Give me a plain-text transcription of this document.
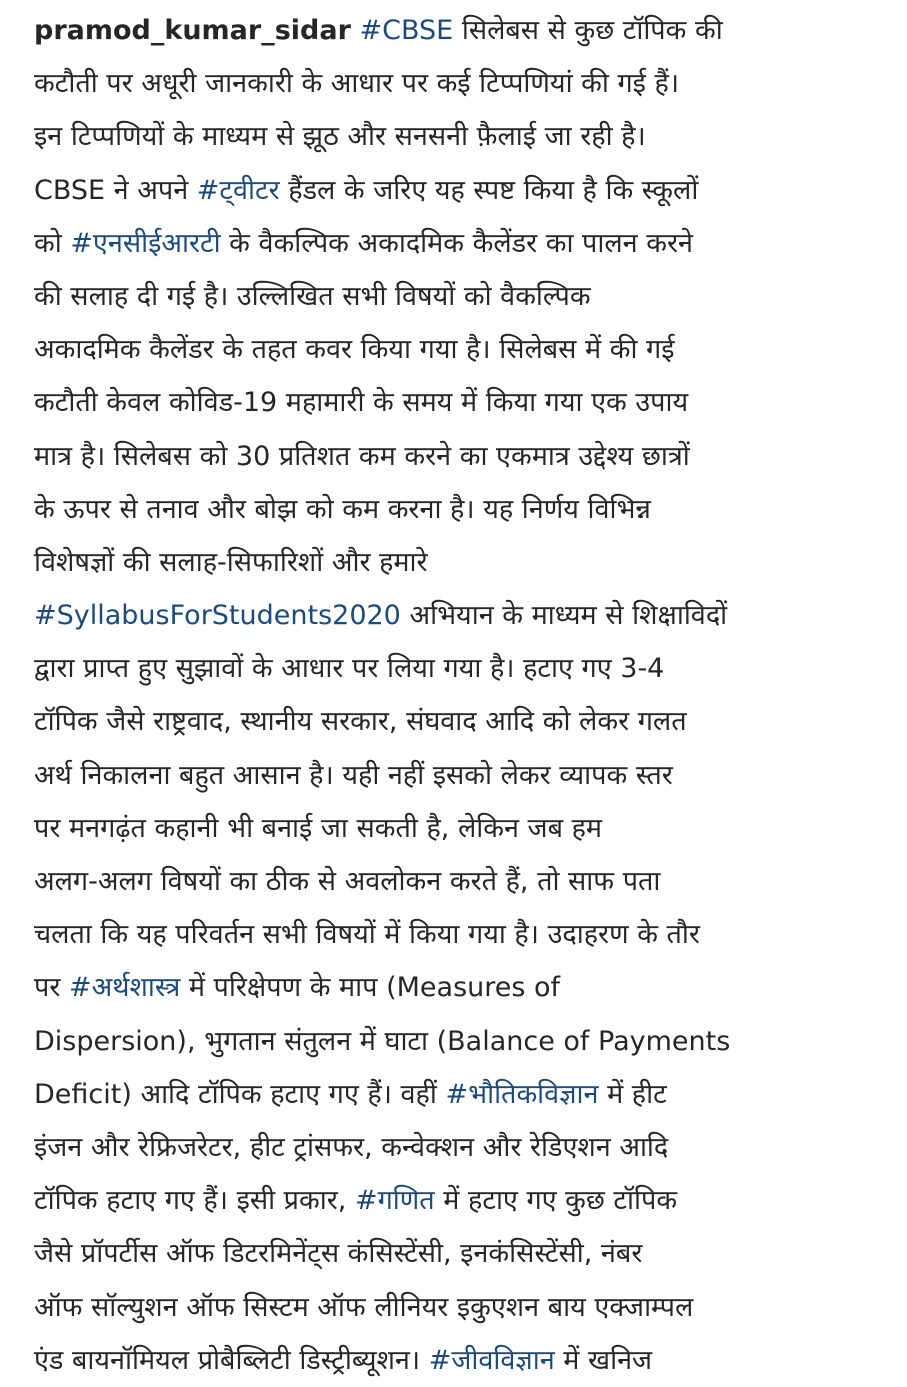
pramod_kumar_sidar #CBSE सिलेबस से कुछ टॉपिक की
कटौती पर अधूरी जानकारी के आधार पर कई टिप्पणियां की गई हैं।
इन टिप्पणियों के माध्यम से झूठ और सनसनी फ़ैलाई जा रही है।
CBSE ने अपने #ट्वीटर हैंडल के जरिए यह स्पष्ट किया है कि स्कूलों
को #एनसीईआरटी के वैकल्पिक अकादमिक कैलेंडर का पालन करने
की सलाह दी गई है। उल्लिखित सभी विषयों को वैकल्पिक
अकादमिक कैलेंडर के तहत कवर किया गया है। सिलेबस में की गई
कटौती केवल कोविड-19 महामारी के समय में किया गया एक उपाय
मात्र है। सिलेबस को 30 प्रतिशत कम करने का एकमात्र उद्देश्य छात्रों
के ऊपर से तनाव और बोझ को कम करना है। यह निर्णय विभिन्न
विशेषज्ञों की सलाह-सिफारिशों और हमारे
#SyllabusForStudents2020 अभियान के माध्यम से शिक्षाविदों
द्वारा प्राप्त हुए सुझावों के आधार पर लिया गया है। हटाए गए 3-4
टॉपिक जैसे राष्ट्रवाद, स्थानीय सरकार, संघवाद आदि को लेकर गलत
अर्थ निकालना बहुत आसान है। यही नहीं इसको लेकर व्यापक स्तर
पर मनगढ़ंत कहानी भी बनाई जा सकती है, लेकिन जब हम
अलग-अलग विषयों का ठीक से अवलोकन करते हैं, तो साफ पता
चलता कि यह परिवर्तन सभी विषयों में किया गया है। उदाहरण के तौर
पर #अर्थशास्त्र में परिक्षेपण के माप (Measures of
Dispersion), भुगतान संतुलन में घाटा (Balance of Payments
Deficit) आदि टॉपिक हटाए गए हैं। वहीं #भौतिकविज्ञान में हीट
इंजन और रेफ्रिजरेटर, हीट ट्रांसफर, कन्वेक्शन और रेडिएशन आदि
टॉपिक हटाए गए हैं। इसी प्रकार, #गणित में हटाए गए कुछ टॉपिक
जैसे प्रॉपर्टीस ऑफ डिटरमिनेंट्स कंसिस्टेंसी, इनकंसिस्टेंसी, नंबर
ऑफ सॉल्युशन ऑफ सिस्टम ऑफ लीनियर इकुएशन बाय एक्जाम्पल
एंड बायनॉमियल प्रोबैब्लिटी डिस्ट्रीब्यूशन। #जीवविज्ञान में खनिज
